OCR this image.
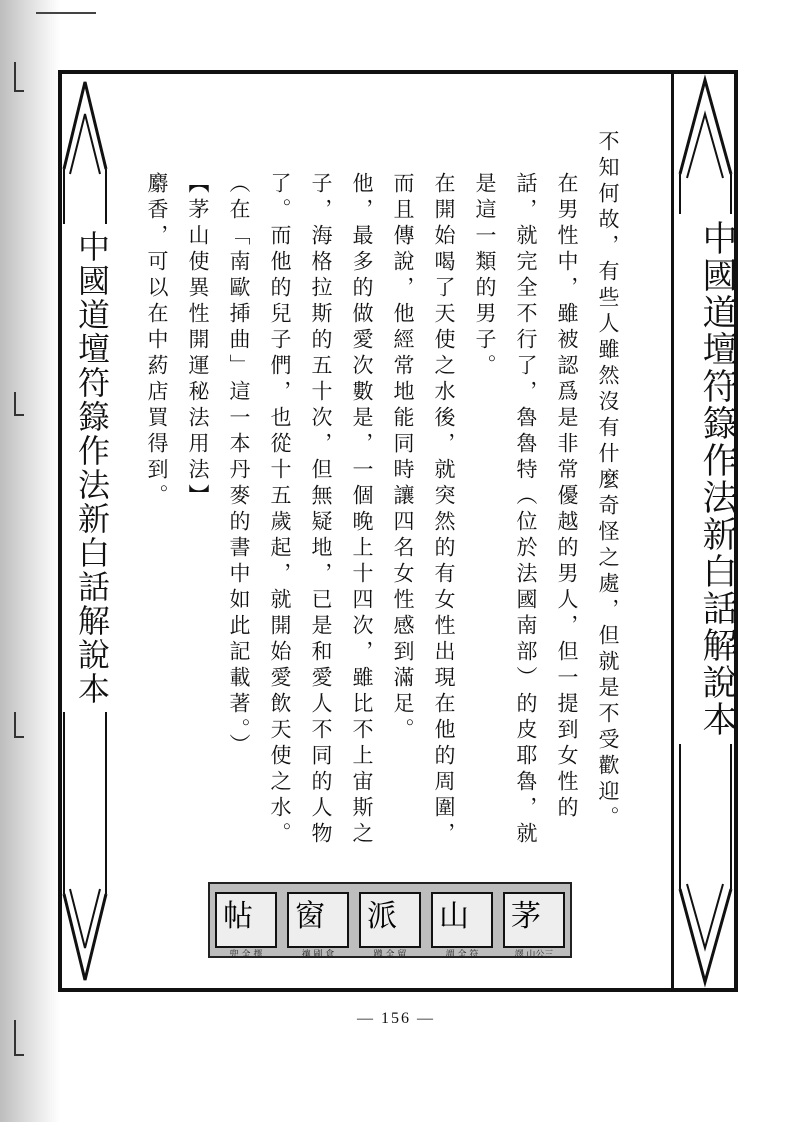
中國道壇符籙作法新白話解說本	中國道壇符籙作法新白話解說本

不知何故，有些人雖然沒有什麼奇怪之處，但就是不受歡迎。

在男性中，雖被認爲是非常優越的男人，但一提到女性的話，就完全不行了，魯魯特（位於法國南部）的皮耶魯，就是這一類的男子。

在開始喝了天使之水後，就突然的有女性出現在他的周圍，而且傳說，他經常地能同時讓四名女性感到滿足。

他，最多的做愛次數是，一個晚上十四次，雖比不上宙斯之子，海格拉斯的五十次，但無疑地，已是和愛人不同的人物了。而他的兒子們，也從十五歲起，就開始愛飲天使之水。（在「南歐揷曲」這一本丹麥的書中如此記載著。）

【茅山使異性開運秘法用法】

麝香，可以在中葯店買得到。

帖
兜 全 擇
窗
禳 刷 倉
派
蹲 全 留
山
謂 全 符
茅
譯 山公三
— 156 —
